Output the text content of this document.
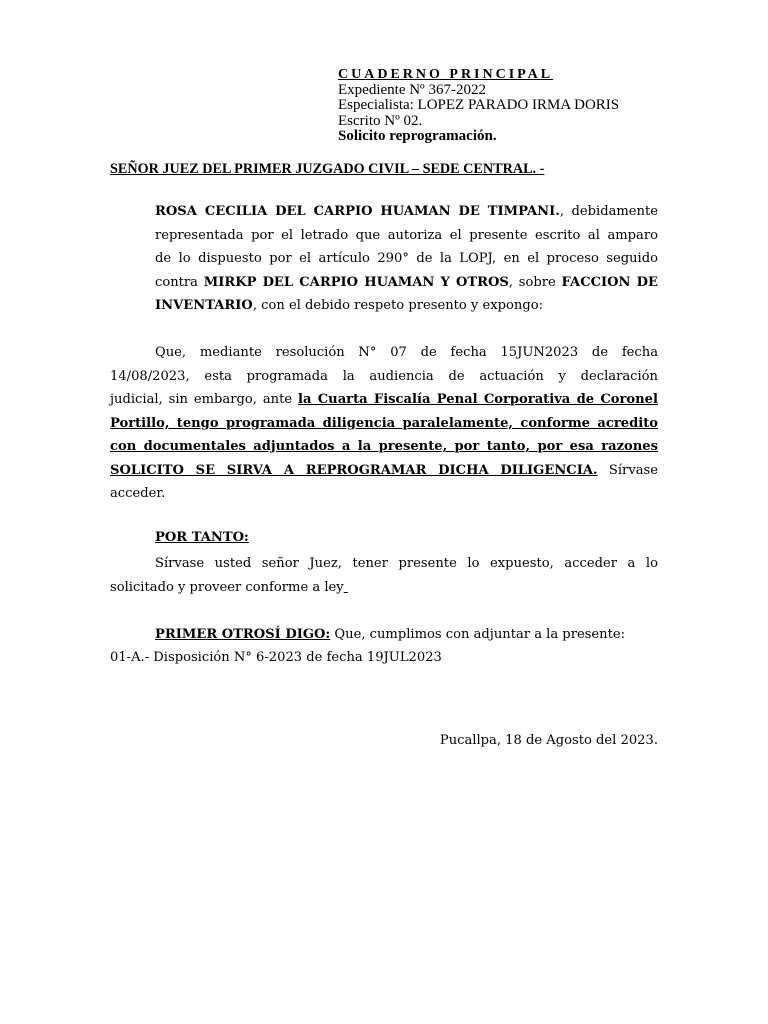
CUADERNO PRINCIPAL
Expediente Nº 367-2022
Especialista: LOPEZ PARADO IRMA DORIS
Escrito Nº 02.
Solicito reprogramación.
SEÑOR JUEZ DEL PRIMER JUZGADO CIVIL – SEDE CENTRAL. -
ROSA CECILIA DEL CARPIO HUAMAN DE TIMPANI., debidamente
representada por el letrado que autoriza el presente escrito al amparo
de lo dispuesto por el artículo 290° de la LOPJ, en el proceso seguido
contra MIRKP DEL CARPIO HUAMAN Y OTROS, sobre FACCION DE
INVENTARIO, con el debido respeto presento y expongo:
Que, mediante resolución N° 07 de fecha 15JUN2023 de fecha
14/08/2023, esta programada la audiencia de actuación y declaración
judicial, sin embargo, ante la Cuarta Fiscalía Penal Corporativa de Coronel
Portillo, tengo programada diligencia paralelamente, conforme acredito
con documentales adjuntados a la presente, por tanto, por esa razones
SOLICITO SE SIRVA A REPROGRAMAR DICHA DILIGENCIA. Sírvase
acceder.
POR TANTO:
Sírvase usted señor Juez, tener presente lo expuesto, acceder a lo
solicitado y proveer conforme a ley
PRIMER OTROSÍ DIGO: Que, cumplimos con adjuntar a la presente:
01-A.- Disposición N° 6-2023 de fecha 19JUL2023
Pucallpa, 18 de Agosto del 2023.
